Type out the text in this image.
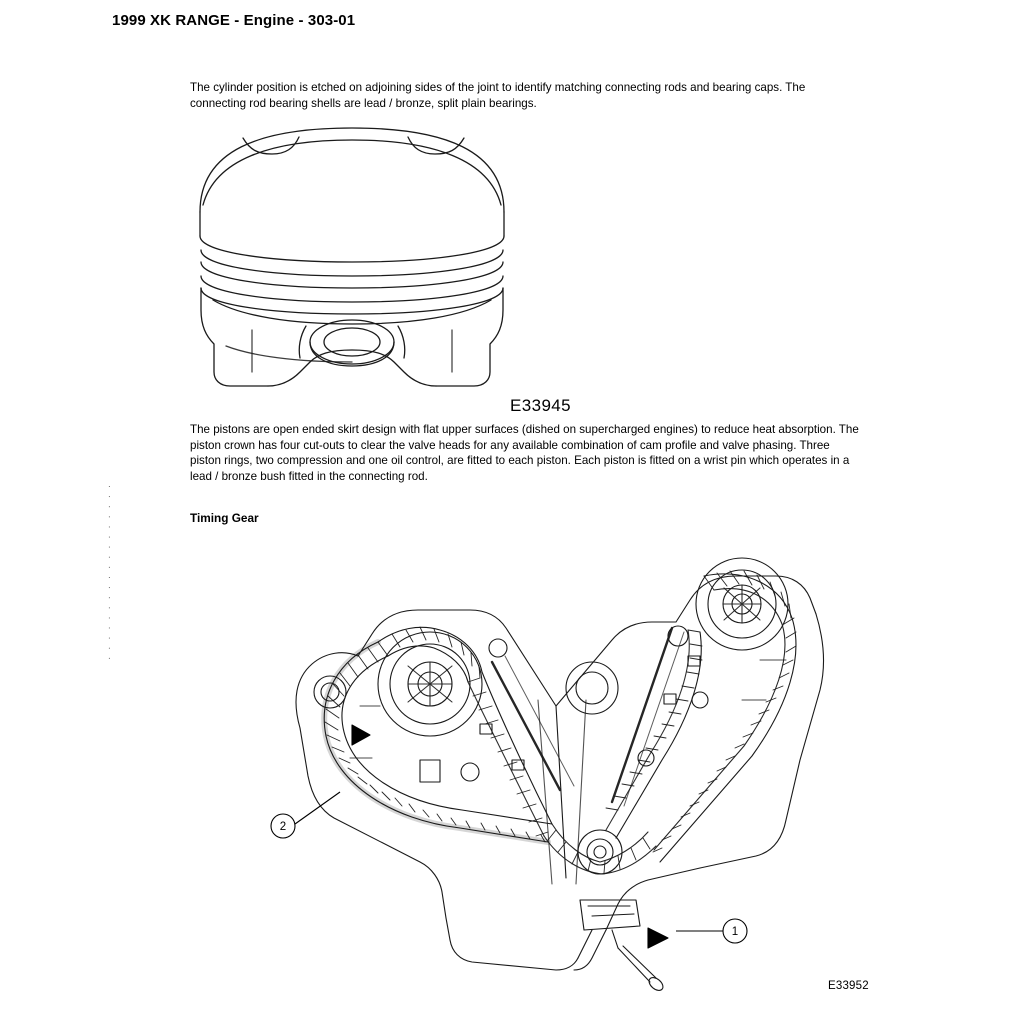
1999 XK RANGE - Engine - 303-01
· · · · · · · · · · · · · · · · · ·
The cylinder position is etched on adjoining sides of the joint to identify matching connecting rods and bearing caps. The connecting rod bearing shells are lead / bronze, split plain bearings.
E33945
The pistons are open ended skirt design with flat upper surfaces (dished on supercharged engines) to reduce heat absorption. The piston crown has four cut-outs to clear the valve heads for any available combination of cam profile and valve phasing. Three piston rings, two compression and one oil control, are fitted to each piston. Each piston is fitted on a wrist pin which operates in a lead / bronze bush fitted in the connecting rod.
Timing Gear
E33952
2
1
